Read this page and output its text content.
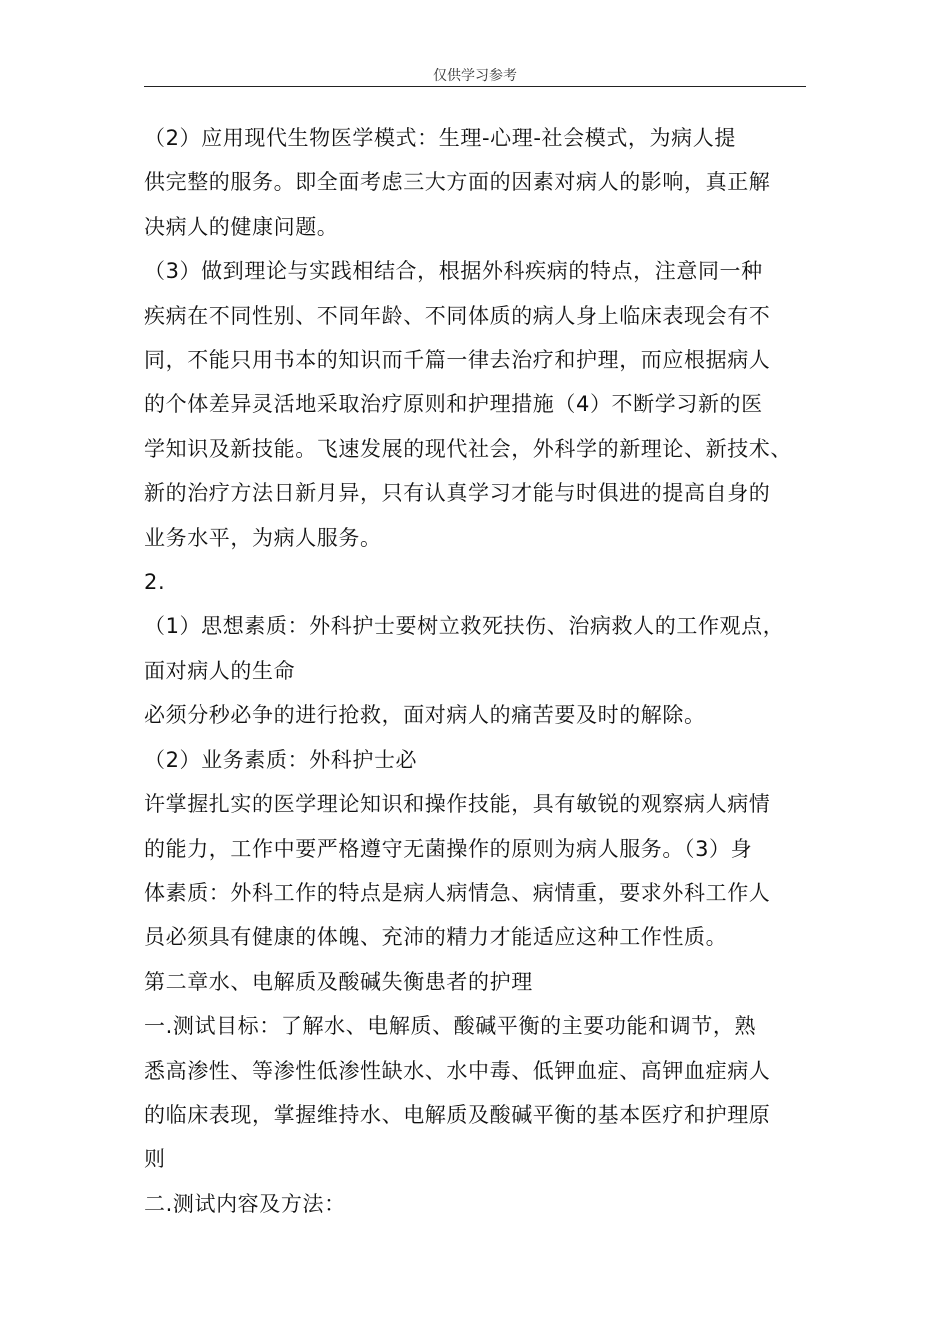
仅供学习参考

（2）应用现代生物医学模式：生理-心理-社会模式，为病人提

供完整的服务。即全面考虑三大方面的因素对病人的影响，真正解

决病人的健康问题。

（3）做到理论与实践相结合，根据外科疾病的特点，注意同一种

疾病在不同性别、不同年龄、不同体质的病人身上临床表现会有不

同，不能只用书本的知识而千篇一律去治疗和护理，而应根据病人

的个体差异灵活地采取治疗原则和护理措施（4）不断学习新的医

学知识及新技能。飞速发展的现代社会，外科学的新理论、新技术、

新的治疗方法日新月异，只有认真学习才能与时俱进的提高自身的

业务水平，为病人服务。

2.

（1）思想素质：外科护士要树立救死扶伤、治病救人的工作观点，

面对病人的生命

必须分秒必争的进行抢救，面对病人的痛苦要及时的解除。

（2）业务素质：外科护士必

许掌握扎实的医学理论知识和操作技能，具有敏锐的观察病人病情

的能力，工作中要严格遵守无菌操作的原则为病人服务。（3）身

体素质：外科工作的特点是病人病情急、病情重，要求外科工作人

员必须具有健康的体魄、充沛的精力才能适应这种工作性质。

第二章水、电解质及酸碱失衡患者的护理

一.测试目标：了解水、电解质、酸碱平衡的主要功能和调节，熟

悉高渗性、等渗性低渗性缺水、水中毒、低钾血症、高钾血症病人

的临床表现，掌握维持水、电解质及酸碱平衡的基本医疗和护理原

则

二.测试内容及方法：
